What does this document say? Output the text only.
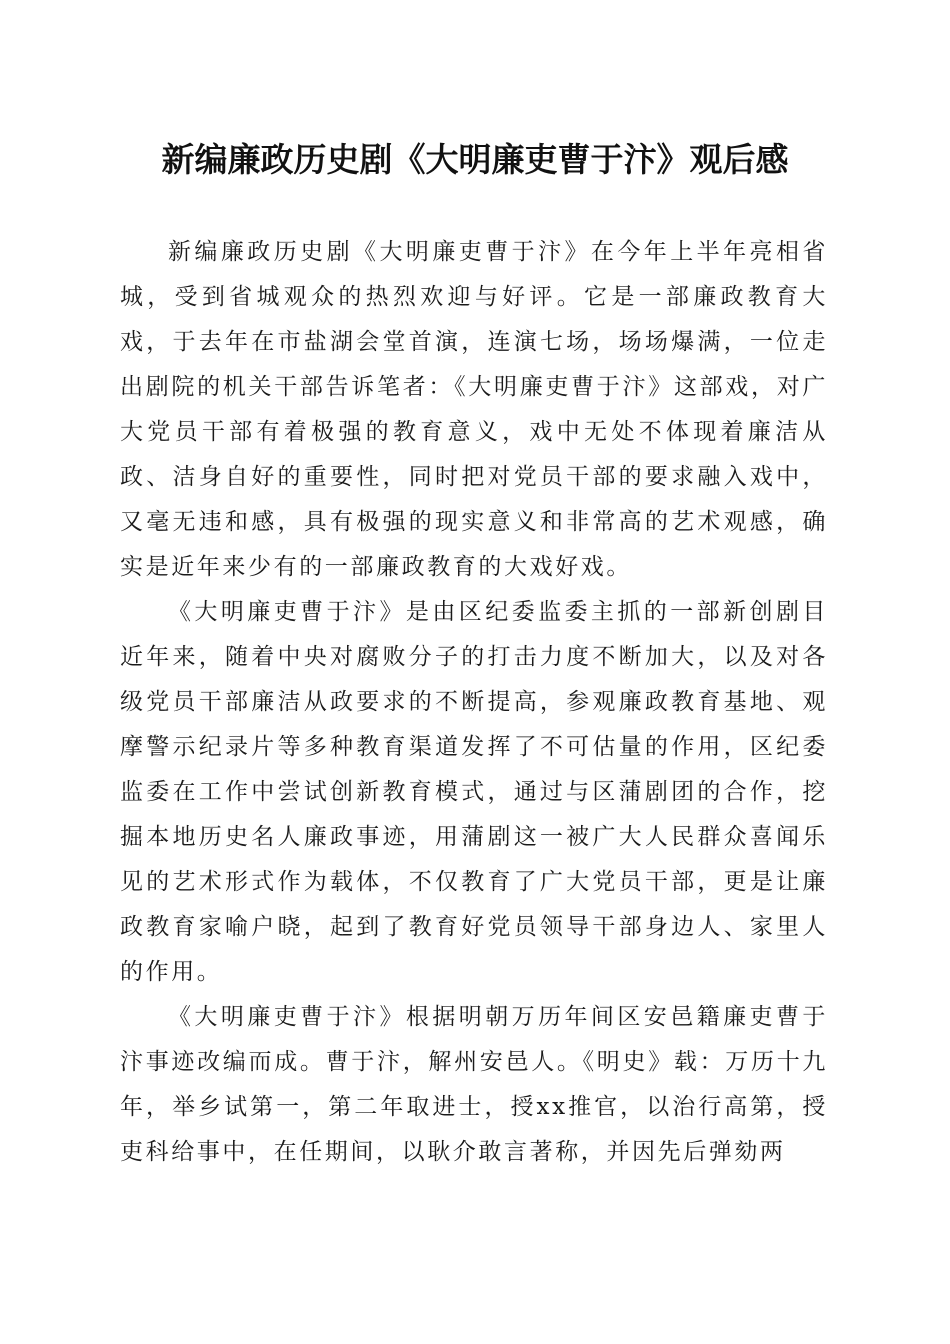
新编廉政历史剧《大明廉吏曹于汴》观后感

新编廉政历史剧《大明廉吏曹于汴》在今年上半年亮相省城，受到省城观众的热烈欢迎与好评。它是一部廉政教育大戏，于去年在市盐湖会堂首演，连演七场，场场爆满，一位走出剧院的机关干部告诉笔者：《大明廉吏曹于汴》这部戏，对广大党员干部有着极强的教育意义，戏中无处不体现着廉洁从政、洁身自好的重要性，同时把对党员干部的要求融入戏中，又毫无违和感，具有极强的现实意义和非常高的艺术观感，确实是近年来少有的一部廉政教育的大戏好戏。

《大明廉吏曹于汴》是由区纪委监委主抓的一部新创剧目近年来，随着中央对腐败分子的打击力度不断加大，以及对各级党员干部廉洁从政要求的不断提高，参观廉政教育基地、观摩警示纪录片等多种教育渠道发挥了不可估量的作用，区纪委监委在工作中尝试创新教育模式，通过与区蒲剧团的合作，挖掘本地历史名人廉政事迹，用蒲剧这一被广大人民群众喜闻乐见的艺术形式作为载体，不仅教育了广大党员干部，更是让廉政教育家喻户晓，起到了教育好党员领导干部身边人、家里人的作用。

《大明廉吏曹于汴》根据明朝万历年间区安邑籍廉吏曹于汴事迹改编而成。曹于汴，解州安邑人。《明史》载：万历十九年，举乡试第一，第二年取进士，授xx推官，以治行高第，授吏科给事中，在任期间，以耿介敢言著称，并因先后弹劾两
